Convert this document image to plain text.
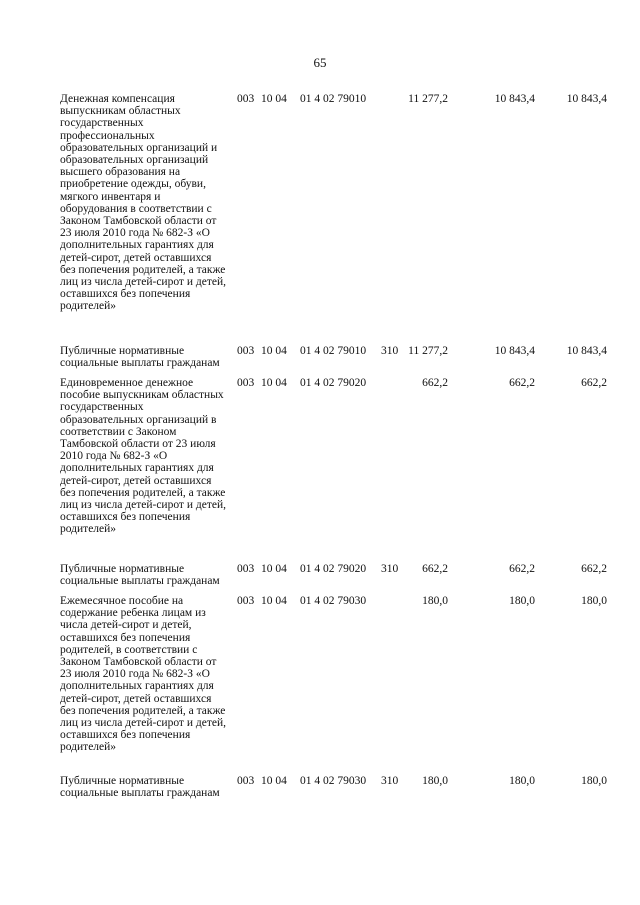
65
Денежная компенсация
выпускникам областных
государственных
профессиональных
образовательных организаций и
образовательных организаций
высшего образования на
приобретение одежды, обуви,
мягкого инвентаря и
оборудования в соответствии с
Законом Тамбовской области от
23 июля 2010 года № 682-З «О
дополнительных гарантиях для
детей-сирот, детей оставшихся
без попечения родителей, а также
лиц из числа детей-сирот и детей,
оставшихся без попечения
родителей»
003 10 04 01 4 02 79010	11 277,2	10 843,4	10 843,4
Публичные нормативные
социальные выплаты гражданам
003 10 04 01 4 02 79010 310 11 277,2	10 843,4	10 843,4
Единовременное денежное
пособие выпускникам областных
государственных
образовательных организаций в
соответствии с Законом
Тамбовской области от 23 июля
2010 года № 682-З «О
дополнительных гарантиях для
детей-сирот, детей оставшихся
без попечения родителей, а также
лиц из числа детей-сирот и детей,
оставшихся без попечения
родителей»
003 10 04 01 4 02 79020	662,2	662,2	662,2
Публичные нормативные
социальные выплаты гражданам
003 10 04 01 4 02 79020 310 662,2	662,2	662,2
Ежемесячное пособие на
содержание ребенка лицам из
числа детей-сирот и детей,
оставшихся без попечения
родителей, в соответствии с
Законом Тамбовской области от
23 июля 2010 года № 682-З «О
дополнительных гарантиях для
детей-сирот, детей оставшихся
без попечения родителей, а также
лиц из числа детей-сирот и детей,
оставшихся без попечения
родителей»
003 10 04 01 4 02 79030	180,0	180,0	180,0
Публичные нормативные
социальные выплаты гражданам
003 10 04 01 4 02 79030 310 180,0	180,0	180,0
